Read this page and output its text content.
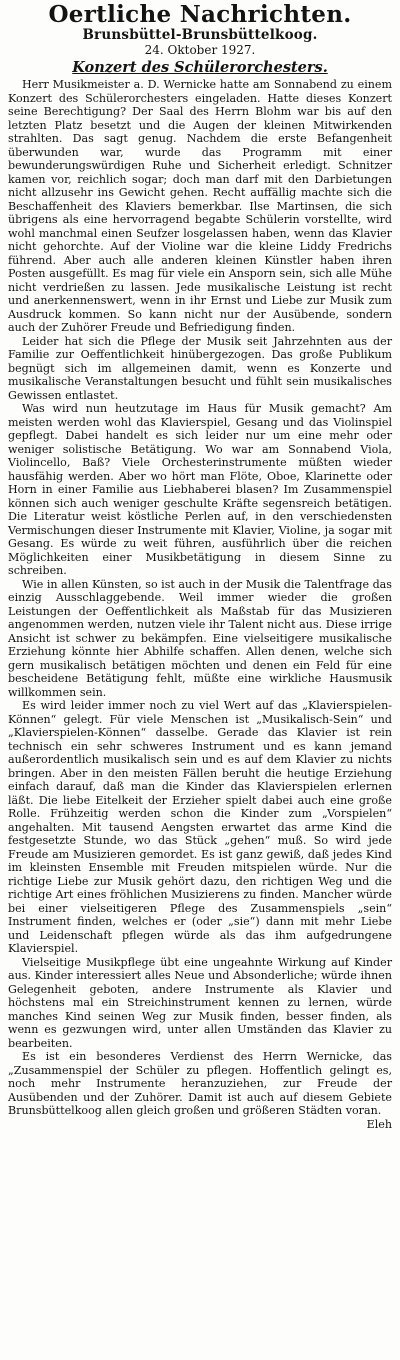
Oertliche Nachrichten.
Brunsbüttel-Brunsbüttelkoog.
24. Oktober 1927.
Konzert des Schülerorchesters.

Herr Musikmeister a. D. Wernicke hatte am Sonnabend zu einem Konzert des Schülerorchesters eingeladen. Hatte dieses Konzert seine Berechtigung? Der Saal des Herrn Blohm war bis auf den letzten Platz besetzt und die Augen der kleinen Mitwirkenden strahlten. Das sagt genug. Nachdem die erste Befangenheit überwunden war, wurde das Programm mit einer bewunderungswürdigen Ruhe und Sicherheit erledigt. Schnitzer kamen vor, reichlich sogar; doch man darf mit den Darbietungen nicht allzusehr ins Gewicht gehen. Recht auffällig machte sich die Beschaffenheit des Klaviers bemerkbar. Ilse Martinsen, die sich übrigens als eine hervorragend begabte Schülerin vorstellte, wird wohl manchmal einen Seufzer losgelassen haben, wenn das Klavier nicht gehorchte. Auf der Violine war die kleine Liddy Fredrichs führend. Aber auch alle anderen kleinen Künstler haben ihren Posten ausgefüllt. Es mag für viele ein Ansporn sein, sich alle Mühe nicht verdrießen zu lassen. Jede musikalische Leistung ist recht und anerkennenswert, wenn in ihr Ernst und Liebe zur Musik zum Ausdruck kommen. So kann nicht nur der Ausübende, sondern auch der Zuhörer Freude und Befriedigung finden.

Leider hat sich die Pflege der Musik seit Jahrzehnten aus der Familie zur Oeffentlichkeit hinübergezogen. Das große Publikum begnügt sich im allgemeinen damit, wenn es Konzerte und musikalische Veranstaltungen besucht und fühlt sein musikalisches Gewissen entlastet.

Was wird nun heutzutage im Haus für Musik gemacht? Am meisten werden wohl das Klavierspiel, Gesang und das Violinspiel gepflegt. Dabei handelt es sich leider nur um eine mehr oder weniger solistische Betätigung. Wo war am Sonnabend Viola, Violincello, Baß? Viele Orchesterinstrumente müßten wieder hausfähig werden. Aber wo hört man Flöte, Oboe, Klarinette oder Horn in einer Familie aus Liebhaberei blasen? Im Zusammenspiel können sich auch weniger geschulte Kräfte segensreich betätigen. Die Literatur weist köstliche Perlen auf, in den verschiedensten Vermischungen dieser Instrumente mit Klavier, Violine, ja sogar mit Gesang. Es würde zu weit führen, ausführlich über die reichen Möglichkeiten einer Musikbetätigung in diesem Sinne zu schreiben.

Wie in allen Künsten, so ist auch in der Musik die Talentfrage das einzig Ausschlaggebende. Weil immer wieder die großen Leistungen der Oeffentlichkeit als Maßstab für das Musizieren angenommen werden, nutzen viele ihr Talent nicht aus. Diese irrige Ansicht ist schwer zu bekämpfen. Eine vielseitigere musikalische Erziehung könnte hier Abhilfe schaffen. Allen denen, welche sich gern musikalisch betätigen möchten und denen ein Feld für eine bescheidene Betätigung fehlt, müßte eine wirkliche Hausmusik willkommen sein.

Es wird leider immer noch zu viel Wert auf das „Klavierspielen-Können“ gelegt. Für viele Menschen ist „Musikalisch-Sein“ und „Klavierspielen-Können“ dasselbe. Gerade das Klavier ist rein technisch ein sehr schweres Instrument und es kann jemand außerordentlich musikalisch sein und es auf dem Klavier zu nichts bringen. Aber in den meisten Fällen beruht die heutige Erziehung einfach darauf, daß man die Kinder das Klavierspielen erlernen läßt. Die liebe Eitelkeit der Erzieher spielt dabei auch eine große Rolle. Frühzeitig werden schon die Kinder zum „Vorspielen“ angehalten. Mit tausend Aengsten erwartet das arme Kind die festgesetzte Stunde, wo das Stück „gehen“ muß. So wird jede Freude am Musizieren gemordet. Es ist ganz gewiß, daß jedes Kind im kleinsten Ensemble mit Freuden mitspielen würde. Nur die richtige Liebe zur Musik gehört dazu, den richtigen Weg und die richtige Art eines fröhlichen Musizierens zu finden. Mancher würde bei einer vielseitigeren Pflege des Zusammenspiels „sein“ Instrument finden, welches er (oder „sie“) dann mit mehr Liebe und Leidenschaft pflegen würde als das ihm aufgedrungene Klavierspiel.

Vielseitige Musikpflege übt eine ungeahnte Wirkung auf Kinder aus. Kinder interessiert alles Neue und Absonderliche; würde ihnen Gelegenheit geboten, andere Instrumente als Klavier und höchstens mal ein Streichinstrument kennen zu lernen, würde manches Kind seinen Weg zur Musik finden, besser finden, als wenn es gezwungen wird, unter allen Umständen das Klavier zu bearbeiten.

Es ist ein besonderes Verdienst des Herrn Wernicke, das „Zusammenspiel der Schüler zu pflegen. Hoffentlich gelingt es, noch mehr Instrumente heranzuziehen, zur Freude der Ausübenden und der Zuhörer. Damit ist auch auf diesem Gebiete Brunsbüttelkoog allen gleich großen und größeren Städten voran.

Eleh
